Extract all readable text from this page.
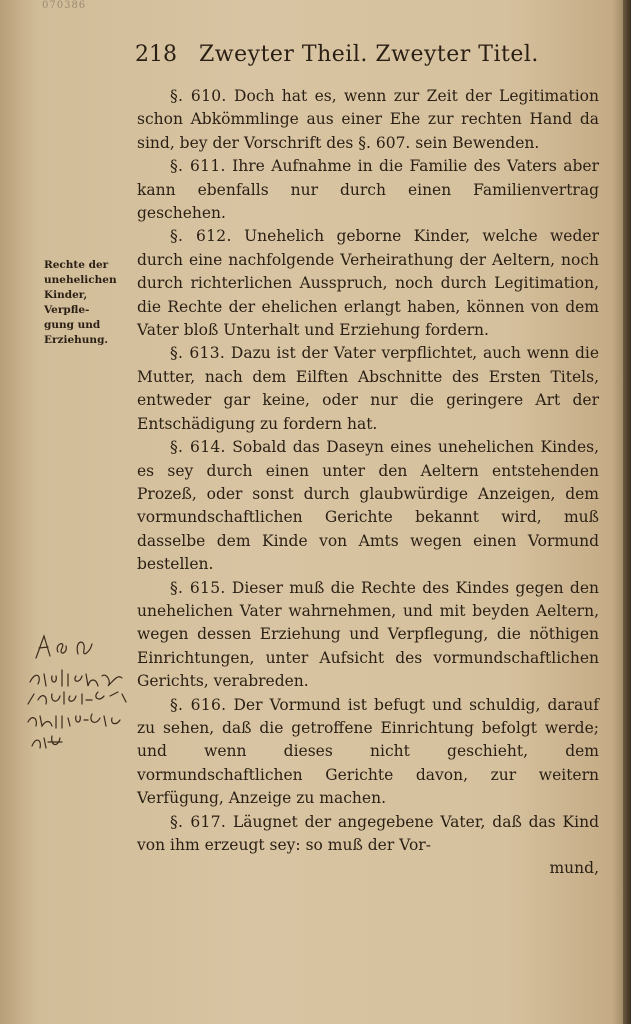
070386
218 Zweyter Theil. Zweyter Titel.
Rechte der
unehelichen
Kinder,
Verpfle-
gung und
Erziehung.

§. 610. Doch hat es, wenn zur Zeit der Legitimation schon Abkömmlinge aus einer Ehe zur rechten Hand da sind, bey der Vorschrift des §. 607. sein Bewenden.

§. 611. Ihre Aufnahme in die Familie des Vaters aber kann ebenfalls nur durch einen Familienvertrag geschehen.

§. 612. Unehelich geborne Kinder, welche weder durch eine nachfolgende Verheirathung der Aeltern, noch durch richterlichen Ausspruch, noch durch Legitimation, die Rechte der ehelichen erlangt haben, können von dem Vater bloß Unterhalt und Erziehung fordern.

§. 613. Dazu ist der Vater verpflichtet, auch wenn die Mutter, nach dem Eilften Abschnitte des Ersten Titels, entweder gar keine, oder nur die geringere Art der Entschädigung zu fordern hat.

§. 614. Sobald das Daseyn eines unehelichen Kindes, es sey durch einen unter den Aeltern entstehenden Prozeß, oder sonst durch glaubwürdige Anzeigen, dem vormundschaftlichen Gerichte bekannt wird, muß dasselbe dem Kinde von Amts wegen einen Vormund bestellen.

§. 615. Dieser muß die Rechte des Kindes gegen den unehelichen Vater wahrnehmen, und mit beyden Aeltern, wegen dessen Erziehung und Verpflegung, die nöthigen Einrichtungen, unter Aufsicht des vormundschaftlichen Gerichts, verabreden.

§. 616. Der Vormund ist befugt und schuldig, darauf zu sehen, daß die getroffene Einrichtung befolgt werde; und wenn dieses nicht geschieht, dem vormundschaftlichen Gerichte davon, zur weitern Verfügung, Anzeige zu machen.

§. 617. Läugnet der angegebene Vater, daß das Kind von ihm erzeugt sey: so muß der Vor-

mund,
